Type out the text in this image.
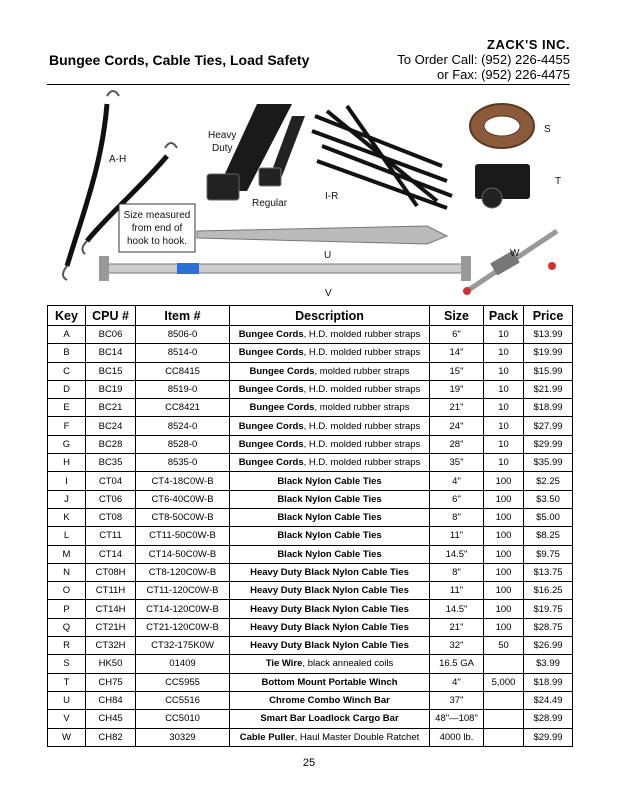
Bungee Cords, Cable Ties, Load Safety
ZACK'S INC.
To Order Call: (952) 226-4455
or Fax: (952) 226-4475
A-H
Size measured
from end of
hook to hook.
Heavy
Duty
Regular
I-R
S
T
U
V
W
Key	CPU #	Item #	Description	Size	Pack	Price
A	BC06	8506-0	Bungee Cords, H.D. molded rubber straps	6"	10	$13.99
B	BC14	8514-0	Bungee Cords, H.D. molded rubber straps	14"	10	$19.99
C	BC15	CC8415	Bungee Cords, molded rubber straps	15"	10	$15.99
D	BC19	8519-0	Bungee Cords, H.D. molded rubber straps	19"	10	$21.99
E	BC21	CC8421	Bungee Cords, molded rubber straps	21"	10	$18.99
F	BC24	8524-0	Bungee Cords, H.D. molded rubber straps	24"	10	$27.99
G	BC28	8528-0	Bungee Cords, H.D. molded rubber straps	28"	10	$29.99
H	BC35	8535-0	Bungee Cords, H.D. molded rubber straps	35"	10	$35.99
I	CT04	CT4-18C0W-B	Black Nylon Cable Ties	4"	100	$2.25
J	CT06	CT6-40C0W-B	Black Nylon Cable Ties	6"	100	$3.50
K	CT08	CT8-50C0W-B	Black Nylon Cable Ties	8"	100	$5.00
L	CT11	CT11-50C0W-B	Black Nylon Cable Ties	11"	100	$8.25
M	CT14	CT14-50C0W-B	Black Nylon Cable Ties	14.5"	100	$9.75
N	CT08H	CT8-120C0W-B	Heavy Duty Black Nylon Cable Ties	8"	100	$13.75
O	CT11H	CT11-120C0W-B	Heavy Duty Black Nylon Cable Ties	11"	100	$16.25
P	CT14H	CT14-120C0W-B	Heavy Duty Black Nylon Cable Ties	14.5"	100	$19.75
Q	CT21H	CT21-120C0W-B	Heavy Duty Black Nylon Cable Ties	21"	100	$28.75
R	CT32H	CT32-175K0W	Heavy Duty Black Nylon Cable Ties	32"	50	$26.99
S	HK50	01409	Tie Wire, black annealed coils	16.5 GA		$3.99
T	CH75	CC5955	Bottom Mount Portable Winch	4"	5,000	$18.99
U	CH84	CC5516	Chrome Combo Winch Bar	37"		$24.49
V	CH45	CC5010	Smart Bar Loadlock Cargo Bar	48"—108"		$28.99
W	CH82	30329	Cable Puller, Haul Master Double Ratchet	4000 lb.		$29.99
25
